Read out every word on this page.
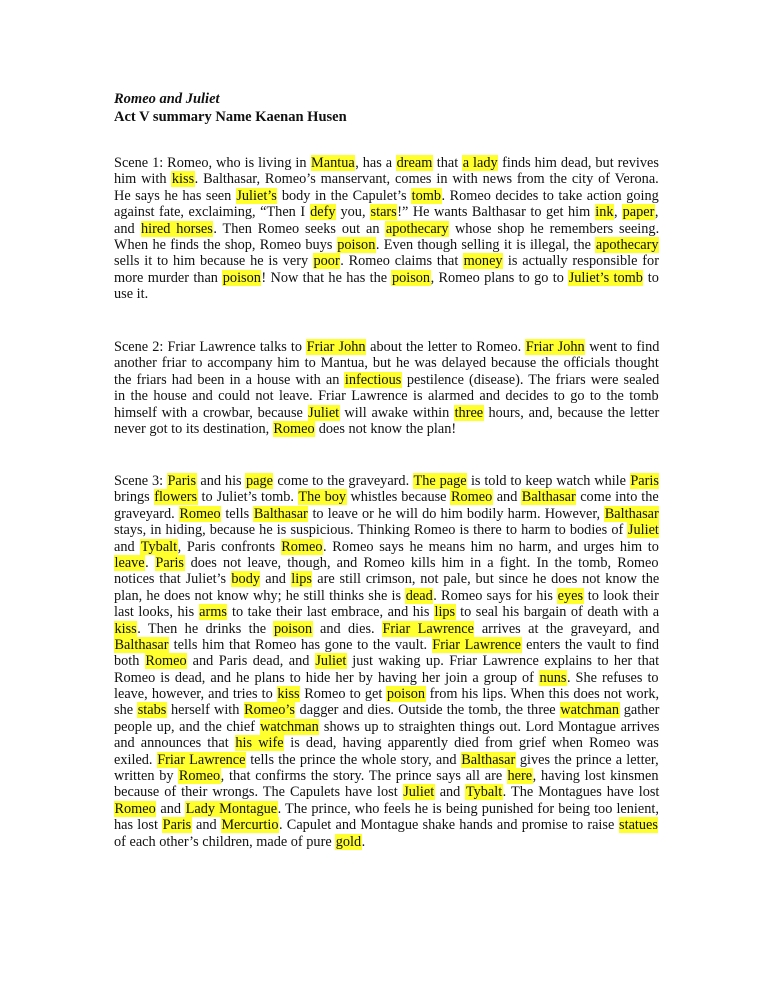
Romeo and Juliet
Act V summary Name Kaenan Husen
Scene 1: Romeo, who is living in Mantua, has a dream that a lady finds him dead, but revives
him with kiss. Balthasar, Romeo’s manservant, comes in with news from the city of Verona.
He says he has seen Juliet’s body in the Capulet’s tomb. Romeo decides to take action going
against fate, exclaiming, “Then I defy you, stars!” He wants Balthasar to get him ink, paper,
and hired horses. Then Romeo seeks out an apothecary whose shop he remembers seeing.
When he finds the shop, Romeo buys poison. Even though selling it is illegal, the apothecary
sells it to him because he is very poor. Romeo claims that money is actually responsible for
more murder than poison! Now that he has the poison, Romeo plans to go to Juliet’s tomb to
use it.
Scene 2: Friar Lawrence talks to Friar John about the letter to Romeo. Friar John went to find
another friar to accompany him to Mantua, but he was delayed because the officials thought
the friars had been in a house with an infectious pestilence (disease). The friars were sealed
in the house and could not leave. Friar Lawrence is alarmed and decides to go to the tomb
himself with a crowbar, because Juliet will awake within three hours, and, because the letter
never got to its destination, Romeo does not know the plan!
Scene 3: Paris and his page come to the graveyard. The page is told to keep watch while Paris
brings flowers to Juliet’s tomb. The boy whistles because Romeo and Balthasar come into the
graveyard. Romeo tells Balthasar to leave or he will do him bodily harm. However, Balthasar
stays, in hiding, because he is suspicious. Thinking Romeo is there to harm to bodies of Juliet
and Tybalt, Paris confronts Romeo. Romeo says he means him no harm, and urges him to
leave. Paris does not leave, though, and Romeo kills him in a fight. In the tomb, Romeo
notices that Juliet’s body and lips are still crimson, not pale, but since he does not know the
plan, he does not know why; he still thinks she is dead. Romeo says for his eyes to look their
last looks, his arms to take their last embrace, and his lips to seal his bargain of death with a
kiss. Then he drinks the poison and dies. Friar Lawrence arrives at the graveyard, and
Balthasar tells him that Romeo has gone to the vault. Friar Lawrence enters the vault to find
both Romeo and Paris dead, and Juliet just waking up. Friar Lawrence explains to her that
Romeo is dead, and he plans to hide her by having her join a group of nuns. She refuses to
leave, however, and tries to kiss Romeo to get poison from his lips. When this does not work,
she stabs herself with Romeo’s dagger and dies. Outside the tomb, the three watchman gather
people up, and the chief watchman shows up to straighten things out. Lord Montague arrives
and announces that his wife is dead, having apparently died from grief when Romeo was
exiled. Friar Lawrence tells the prince the whole story, and Balthasar gives the prince a letter,
written by Romeo, that confirms the story. The prince says all are here, having lost kinsmen
because of their wrongs. The Capulets have lost Juliet and Tybalt. The Montagues have lost
Romeo and Lady Montague. The prince, who feels he is being punished for being too lenient,
has lost Paris and Mercurtio. Capulet and Montague shake hands and promise to raise statues
of each other’s children, made of pure gold.
